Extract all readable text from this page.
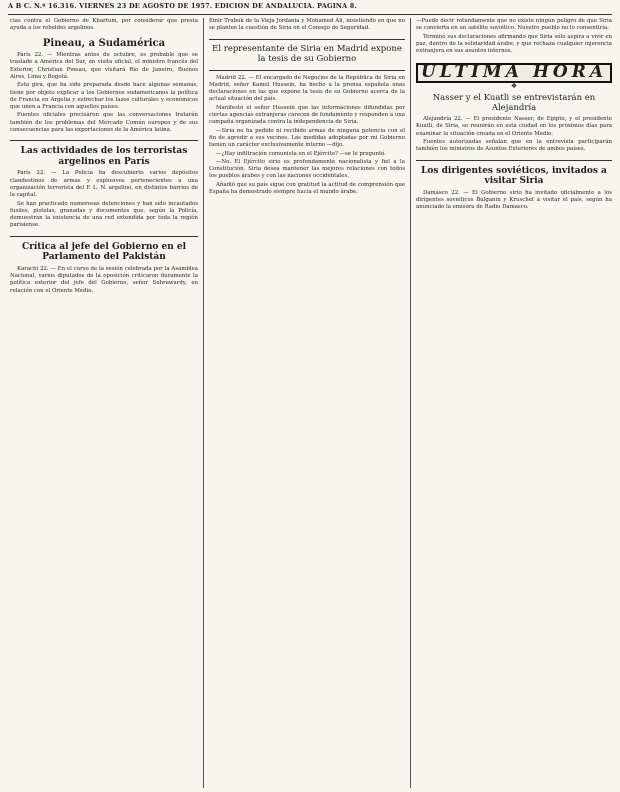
A B C. N.º 16.316. VIERNES 23 DE AGOSTO DE 1957. EDICION DE ANDALUCIA. PAGINA 8.

cias contra el Gobierno de Khartum, por considerar que presta ayuda a los rebeldes argelinos.

Pineau, a Sudamérica

París 22. — Mientras antes de octubre, es probable que se traslade a América del Sur, en visita oficial, el ministro francés del Exterior, Christian Pineau, que visitará Río de Janeiro, Buenos Aires, Lima y Bogotá.

Esta gira, que ha sido preparada desde hace algunas semanas, tiene por objeto explicar a los Gobiernos sudamericanos la política de Francia en Argelia y estrechar los lazos culturales y económicos que unen a Francia con aquellos países.

Fuentes oficiales precisaron que las conversaciones tratarán también de los problemas del Mercado Común europeo y de sus consecuencias para las exportaciones de la América latina.

Las actividades de los terroristas argelinos en París

París 22. — La Policía ha descubierto varios depósitos clandestinos de armas y explosivos pertenecientes a una organización terrorista del F. L. N. argelino, en distintos barrios de la capital.

Se han practicado numerosas detenciones y han sido incautados fusiles, pistolas, granadas y documentos que, según la Policía, demuestran la existencia de una red extendida por toda la región parisiense.

Crítica al jefe del Gobierno en el Parlamento del Pakistán

Karachi 22. — En el curso de la sesión celebrada por la Asamblea Nacional, varios diputados de la oposición criticaron duramente la política exterior del jefe del Gobierno, señor Suhrawardy, en relación con el Oriente Medio.

Emir Trabuk de la Vieja Jordania y Mohamed Ali, insistiendo en que no se plantee la cuestión de Siria en el Consejo de Seguridad.

El representante de Siria en Madrid expone la tesis de su Gobierno

Madrid 22. — El encargado de Negocios de la República de Siria en Madrid, señor Kamel Hussein, ha hecho a la prensa española unas declaraciones en las que expone la tesis de su Gobierno acerca de la actual situación del país.

Manifestó el señor Hussein que las informaciones difundidas por ciertas agencias extranjeras carecen de fundamento y responden a una campaña organizada contra la independencia de Siria.

—Siria no ha pedido ni recibido armas de ninguna potencia con el fin de agredir a sus vecinos. Las medidas adoptadas por mi Gobierno tienen un carácter exclusivamente interno —dijo.

—¿Hay infiltración comunista en el Ejército? —se le preguntó.

—No. El Ejército sirio es profundamente nacionalista y fiel a la Constitución. Siria desea mantener las mejores relaciones con todos los pueblos árabes y con las naciones occidentales.

Añadió que su país sigue con gratitud la actitud de comprensión que España ha demostrado siempre hacia el mundo árabe.

—Puedo decir rotundamente que no existe ningún peligro de que Siria se convierta en un satélite soviético. Nuestro pueblo no lo consentiría.

Terminó sus declaraciones afirmando que Siria sólo aspira a vivir en paz, dentro de la solidaridad árabe, y que rechaza cualquier injerencia extranjera en sus asuntos internos.

ULTIMA HORA
❖
Nasser y el Kuatli se entrevistarán en Alejandría

Alejandría 22. — El presidente Nasser, de Egipto, y el presidente Kuatli, de Siria, se reunirán en esta ciudad en los próximos días para examinar la situación creada en el Oriente Medio.

Fuentes autorizadas señalan que en la entrevista participarán también los ministros de Asuntos Exteriores de ambos países.

Los dirigentes soviéticos, invitados a visitar Siria

Damasco 22. — El Gobierno sirio ha invitado oficialmente a los dirigentes soviéticos Bulganin y Kruschef a visitar el país, según ha anunciado la emisora de Radio Damasco.
